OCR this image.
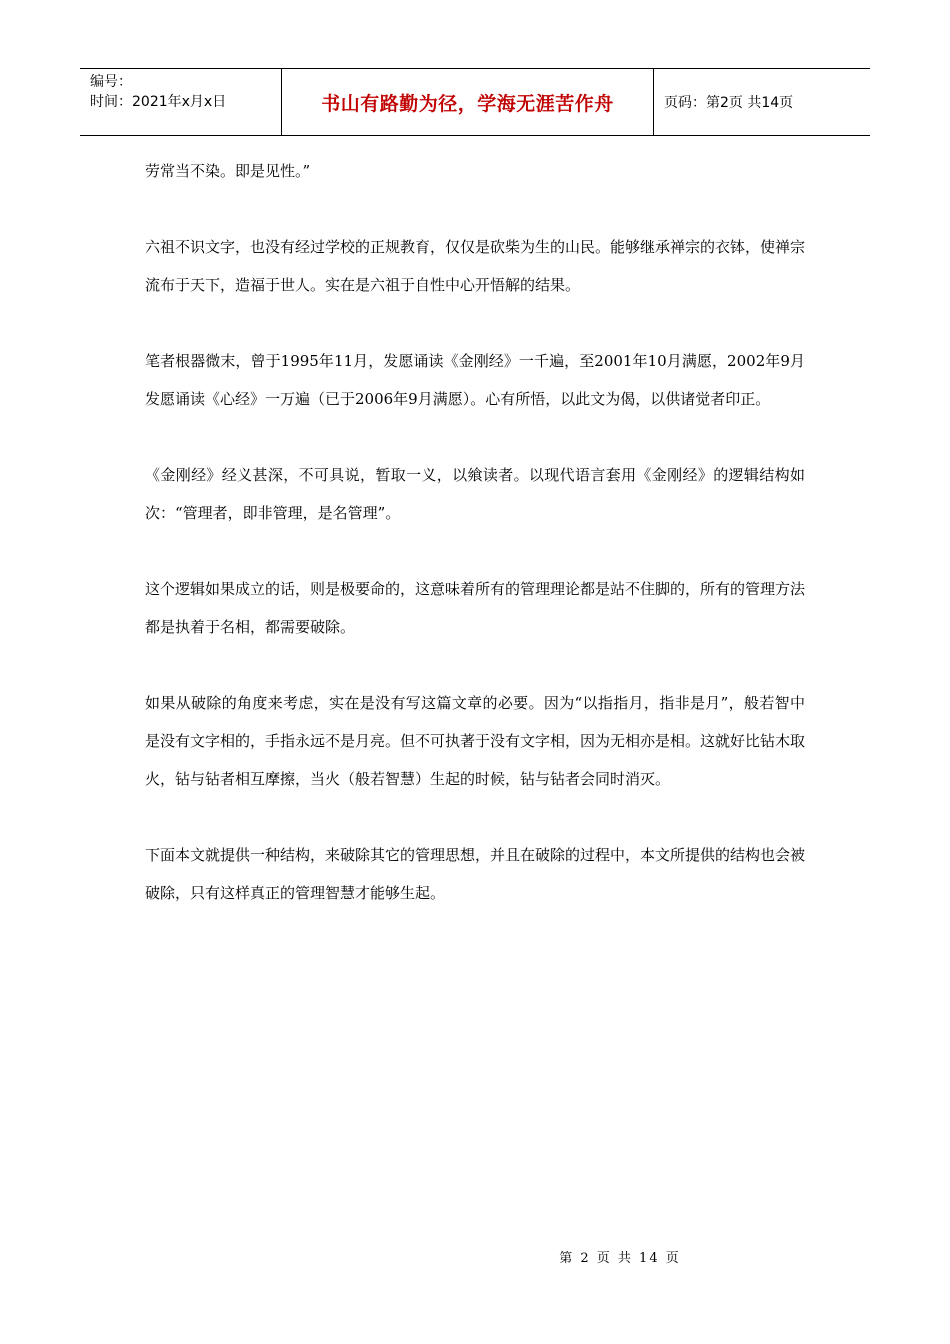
编号：
时间：2021年x月x日	书山有路勤为径，学海无涯苦作舟	页码：第2页 共14页

劳常当不染。即是见性。”

六祖不识文字，也没有经过学校的正规教育，仅仅是砍柴为生的山民。能够继承禅宗的衣钵，使禅宗流布于天下，造福于世人。实在是六祖于自性中心开悟解的结果。

笔者根器微末，曾于1995年11月，发愿诵读《金刚经》一千遍，至2001年10月满愿，2002年9月发愿诵读《心经》一万遍（已于2006年9月满愿）。心有所悟，以此文为偈，以供诸觉者印正。

《金刚经》经义甚深，不可具说，暂取一义，以飨读者。以现代语言套用《金刚经》的逻辑结构如次：“管理者，即非管理，是名管理”。

这个逻辑如果成立的话，则是极要命的，这意味着所有的管理理论都是站不住脚的，所有的管理方法都是执着于名相，都需要破除。

如果从破除的角度来考虑，实在是没有写这篇文章的必要。因为“以指指月，指非是月”，般若智中是没有文字相的，手指永远不是月亮。但不可执著于没有文字相，因为无相亦是相。这就好比钻木取火，钻与钻者相互摩擦，当火（般若智慧）生起的时候，钻与钻者会同时消灭。

下面本文就提供一种结构，来破除其它的管理思想，并且在破除的过程中，本文所提供的结构也会被破除，只有这样真正的管理智慧才能够生起。

第 2 页 共 14 页
